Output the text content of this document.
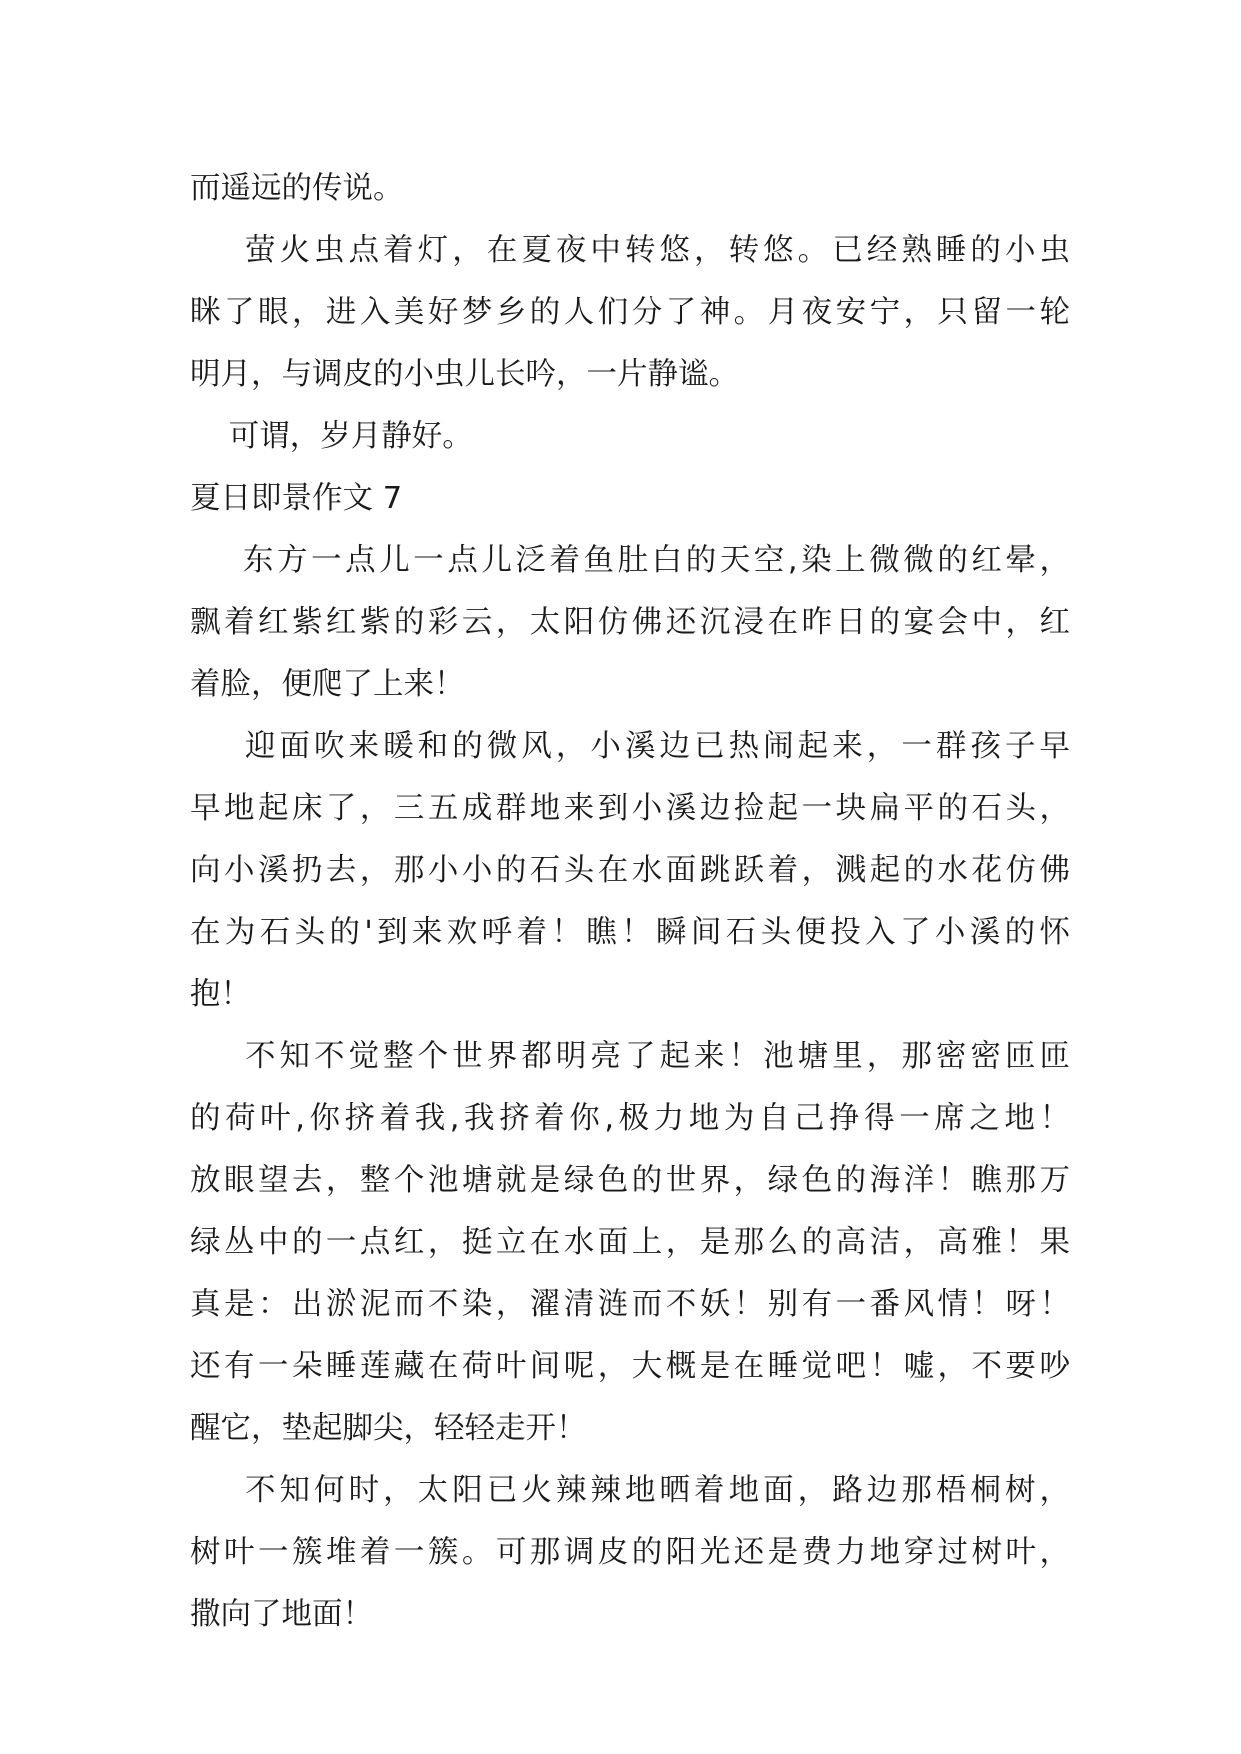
而遥远的传说。
萤火虫点着灯，在夏夜中转悠，转悠。已经熟睡的小虫
眯了眼，进入美好梦乡的人们分了神。月夜安宁，只留一轮
明月，与调皮的小虫儿长吟，一片静谧。
可谓，岁月静好。
夏日即景作文 7
东方一点儿一点儿泛着鱼肚白的天空,染上微微的红晕，
飘着红紫红紫的彩云，太阳仿佛还沉浸在昨日的宴会中，红
着脸，便爬了上来！
迎面吹来暖和的微风，小溪边已热闹起来，一群孩子早
早地起床了，三五成群地来到小溪边捡起一块扁平的石头，
向小溪扔去，那小小的石头在水面跳跃着，溅起的水花仿佛
在为石头的'到来欢呼着！瞧！瞬间石头便投入了小溪的怀
抱！
不知不觉整个世界都明亮了起来！池塘里，那密密匝匝
的荷叶,你挤着我,我挤着你,极力地为自己挣得一席之地！
放眼望去，整个池塘就是绿色的世界，绿色的海洋！瞧那万
绿丛中的一点红，挺立在水面上，是那么的高洁，高雅！果
真是：出淤泥而不染，濯清涟而不妖！别有一番风情！呀！
还有一朵睡莲藏在荷叶间呢，大概是在睡觉吧！嘘，不要吵
醒它，垫起脚尖，轻轻走开！
不知何时，太阳已火辣辣地晒着地面，路边那梧桐树，
树叶一簇堆着一簇。可那调皮的阳光还是费力地穿过树叶，
撒向了地面！
